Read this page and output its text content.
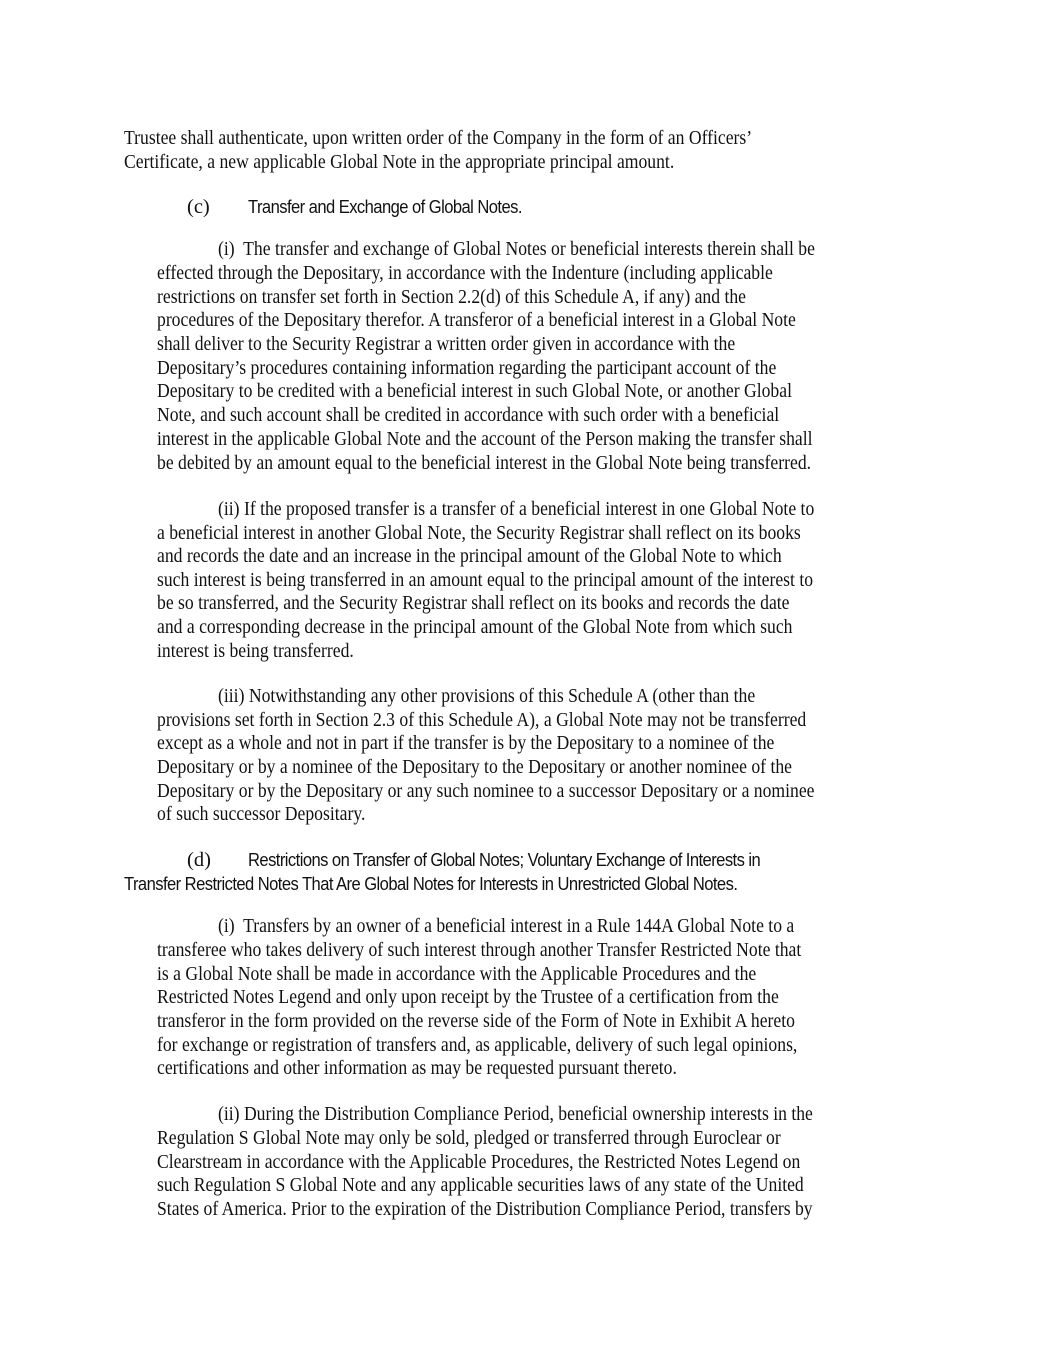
Trustee shall authenticate, upon written order of the Company in the form of an Officers’
Certificate, a new applicable Global Note in the appropriate principal amount.
(c) Transfer and Exchange of Global Notes.
(i)  The transfer and exchange of Global Notes or beneficial interests therein shall be
effected through the Depositary, in accordance with the Indenture (including applicable
restrictions on transfer set forth in Section 2.2(d) of this Schedule A, if any) and the
procedures of the Depositary therefor. A transferor of a beneficial interest in a Global Note
shall deliver to the Security Registrar a written order given in accordance with the
Depositary’s procedures containing information regarding the participant account of the
Depositary to be credited with a beneficial interest in such Global Note, or another Global
Note, and such account shall be credited in accordance with such order with a beneficial
interest in the applicable Global Note and the account of the Person making the transfer shall
be debited by an amount equal to the beneficial interest in the Global Note being transferred.
(ii) If the proposed transfer is a transfer of a beneficial interest in one Global Note to
a beneficial interest in another Global Note, the Security Registrar shall reflect on its books
and records the date and an increase in the principal amount of the Global Note to which
such interest is being transferred in an amount equal to the principal amount of the interest to
be so transferred, and the Security Registrar shall reflect on its books and records the date
and a corresponding decrease in the principal amount of the Global Note from which such
interest is being transferred.
(iii) Notwithstanding any other provisions of this Schedule A (other than the
provisions set forth in Section 2.3 of this Schedule A), a Global Note may not be transferred
except as a whole and not in part if the transfer is by the Depositary to a nominee of the
Depositary or by a nominee of the Depositary to the Depositary or another nominee of the
Depositary or by the Depositary or any such nominee to a successor Depositary or a nominee
of such successor Depositary.
(d) Restrictions on Transfer of Global Notes; Voluntary Exchange of Interests in
Transfer Restricted Notes That Are Global Notes for Interests in Unrestricted Global Notes.
(i)  Transfers by an owner of a beneficial interest in a Rule 144A Global Note to a
transferee who takes delivery of such interest through another Transfer Restricted Note that
is a Global Note shall be made in accordance with the Applicable Procedures and the
Restricted Notes Legend and only upon receipt by the Trustee of a certification from the
transferor in the form provided on the reverse side of the Form of Note in Exhibit A hereto
for exchange or registration of transfers and, as applicable, delivery of such legal opinions,
certifications and other information as may be requested pursuant thereto.
(ii) During the Distribution Compliance Period, beneficial ownership interests in the
Regulation S Global Note may only be sold, pledged or transferred through Euroclear or
Clearstream in accordance with the Applicable Procedures, the Restricted Notes Legend on
such Regulation S Global Note and any applicable securities laws of any state of the United
States of America. Prior to the expiration of the Distribution Compliance Period, transfers by
